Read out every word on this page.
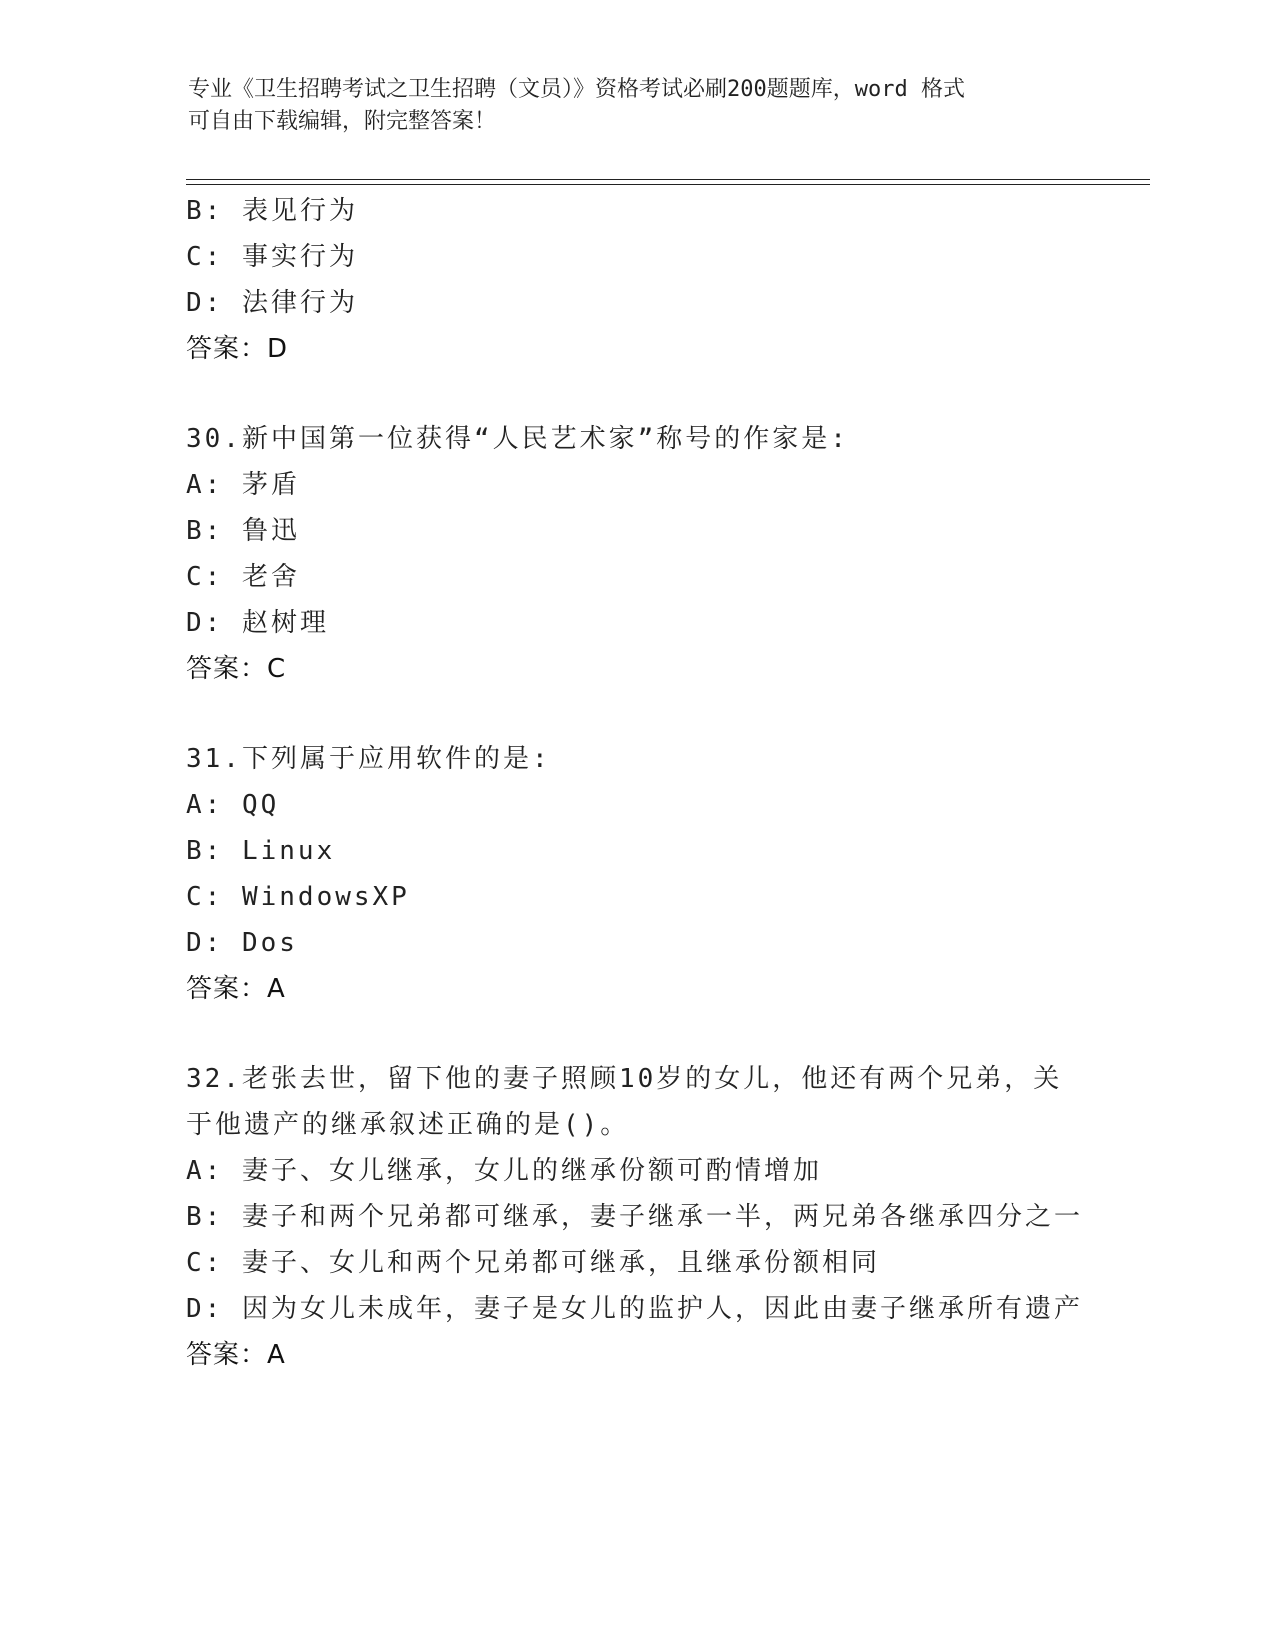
专业《卫生招聘考试之卫生招聘（文员）》资格考试必刷200题题库，word 格式
可自由下载编辑，附完整答案！
B: 表见行为
C: 事实行为
D: 法律行为
答案：D
30.新中国第一位获得“人民艺术家”称号的作家是:
A: 茅盾
B: 鲁迅
C: 老舍
D: 赵树理
答案：C
31.下列属于应用软件的是:
A: QQ
B: Linux
C: WindowsXP
D: Dos
答案：A
32.老张去世，留下他的妻子照顾10岁的女儿，他还有两个兄弟，关
于他遗产的继承叙述正确的是()。
A: 妻子、女儿继承，女儿的继承份额可酌情增加
B: 妻子和两个兄弟都可继承，妻子继承一半，两兄弟各继承四分之一
C: 妻子、女儿和两个兄弟都可继承，且继承份额相同
D: 因为女儿未成年，妻子是女儿的监护人，因此由妻子继承所有遗产
答案：A
